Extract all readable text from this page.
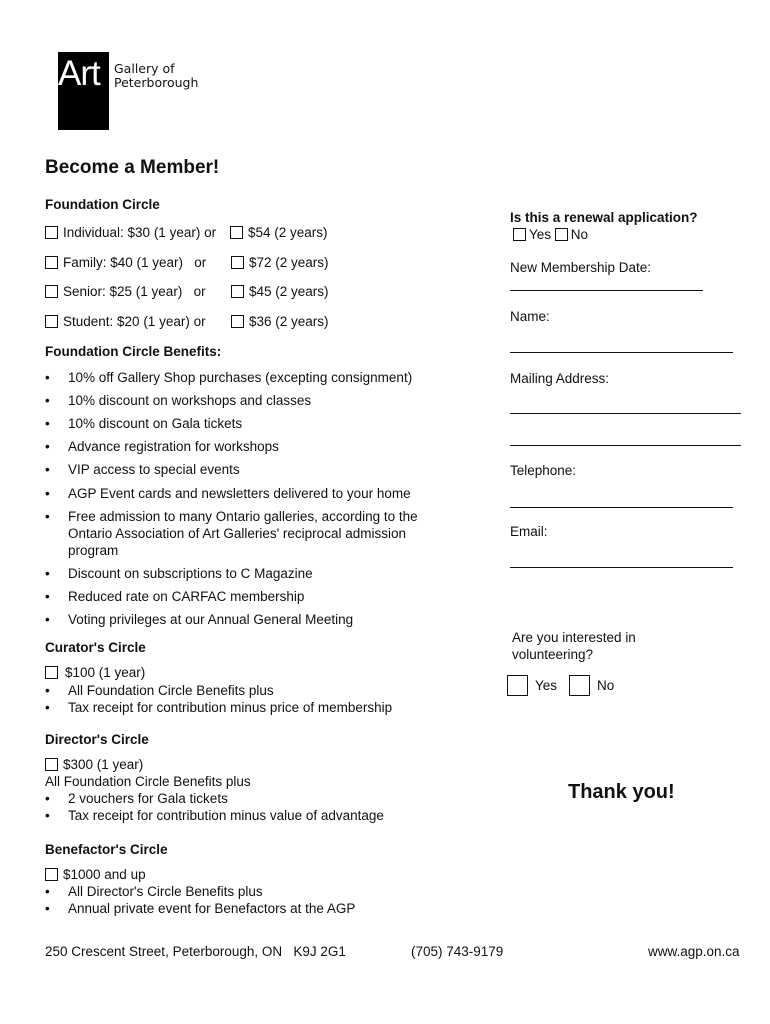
Art Gallery of
Peterborough
Become a Member!
Foundation Circle
Individual: $30 (1 year) or	$54 (2 years)
Family: $40 (1 year)   or	$72 (2 years)
Senior: $25 (1 year)   or	$45 (2 years)
Student: $20 (1 year) or	$36 (2 years)
Foundation Circle Benefits:
• 10% off Gallery Shop purchases (excepting consignment)
• 10% discount on workshops and classes
• 10% discount on Gala tickets
• Advance registration for workshops
• VIP access to special events
• AGP Event cards and newsletters delivered to your home
• Free admission to many Ontario galleries, according to the
Ontario Association of Art Galleries' reciprocal admission
program
• Discount on subscriptions to C Magazine
• Reduced rate on CARFAC membership
• Voting privileges at our Annual General Meeting
Curator's Circle
$100 (1 year)
• All Foundation Circle Benefits plus
• Tax receipt for contribution minus price of membership
Director's Circle
$300 (1 year)
All Foundation Circle Benefits plus
• 2 vouchers for Gala tickets
• Tax receipt for contribution minus value of advantage
Benefactor's Circle
$1000 and up
• All Director's Circle Benefits plus
• Annual private event for Benefactors at the AGP
Is this a renewal application?
Yes No
New Membership Date:
Name:
Mailing Address:
Telephone:
Email:
Are you interested in
volunteering?
Yes	No
Thank you!
250 Crescent Street, Peterborough, ON   K9J 2G1	(705) 743-9179	www.agp.on.ca
